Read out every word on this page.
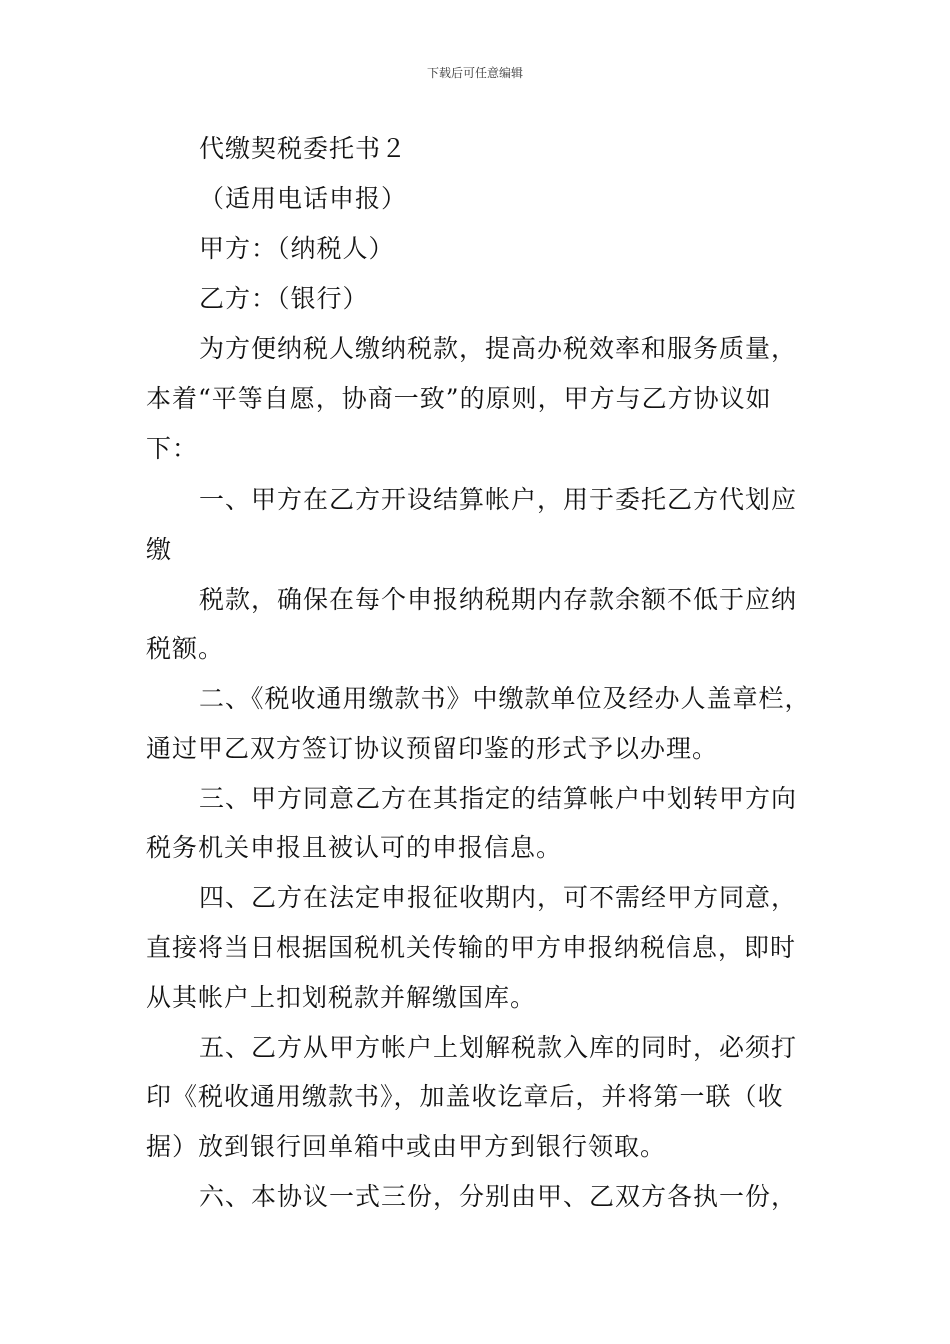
下载后可任意编辑
代缴契税委托书２
（适用电话申报）
甲方：（纳税人）
乙方：（银行）
为方便纳税人缴纳税款，提高办税效率和服务质量，
本着“平等自愿，协商一致”的原则，甲方与乙方协议如
下：
一、甲方在乙方开设结算帐户，用于委托乙方代划应
缴
税款，确保在每个申报纳税期内存款余额不低于应纳
税额。
二、《税收通用缴款书》中缴款单位及经办人盖章栏，
通过甲乙双方签订协议预留印鉴的形式予以办理。
三、甲方同意乙方在其指定的结算帐户中划转甲方向
税务机关申报且被认可的申报信息。
四、乙方在法定申报征收期内，可不需经甲方同意，
直接将当日根据国税机关传输的甲方申报纳税信息，即时
从其帐户上扣划税款并解缴国库。
五、乙方从甲方帐户上划解税款入库的同时，必须打
印《税收通用缴款书》，加盖收讫章后，并将第一联（收
据）放到银行回单箱中或由甲方到银行领取。
六、本协议一式三份，分别由甲、乙双方各执一份，
